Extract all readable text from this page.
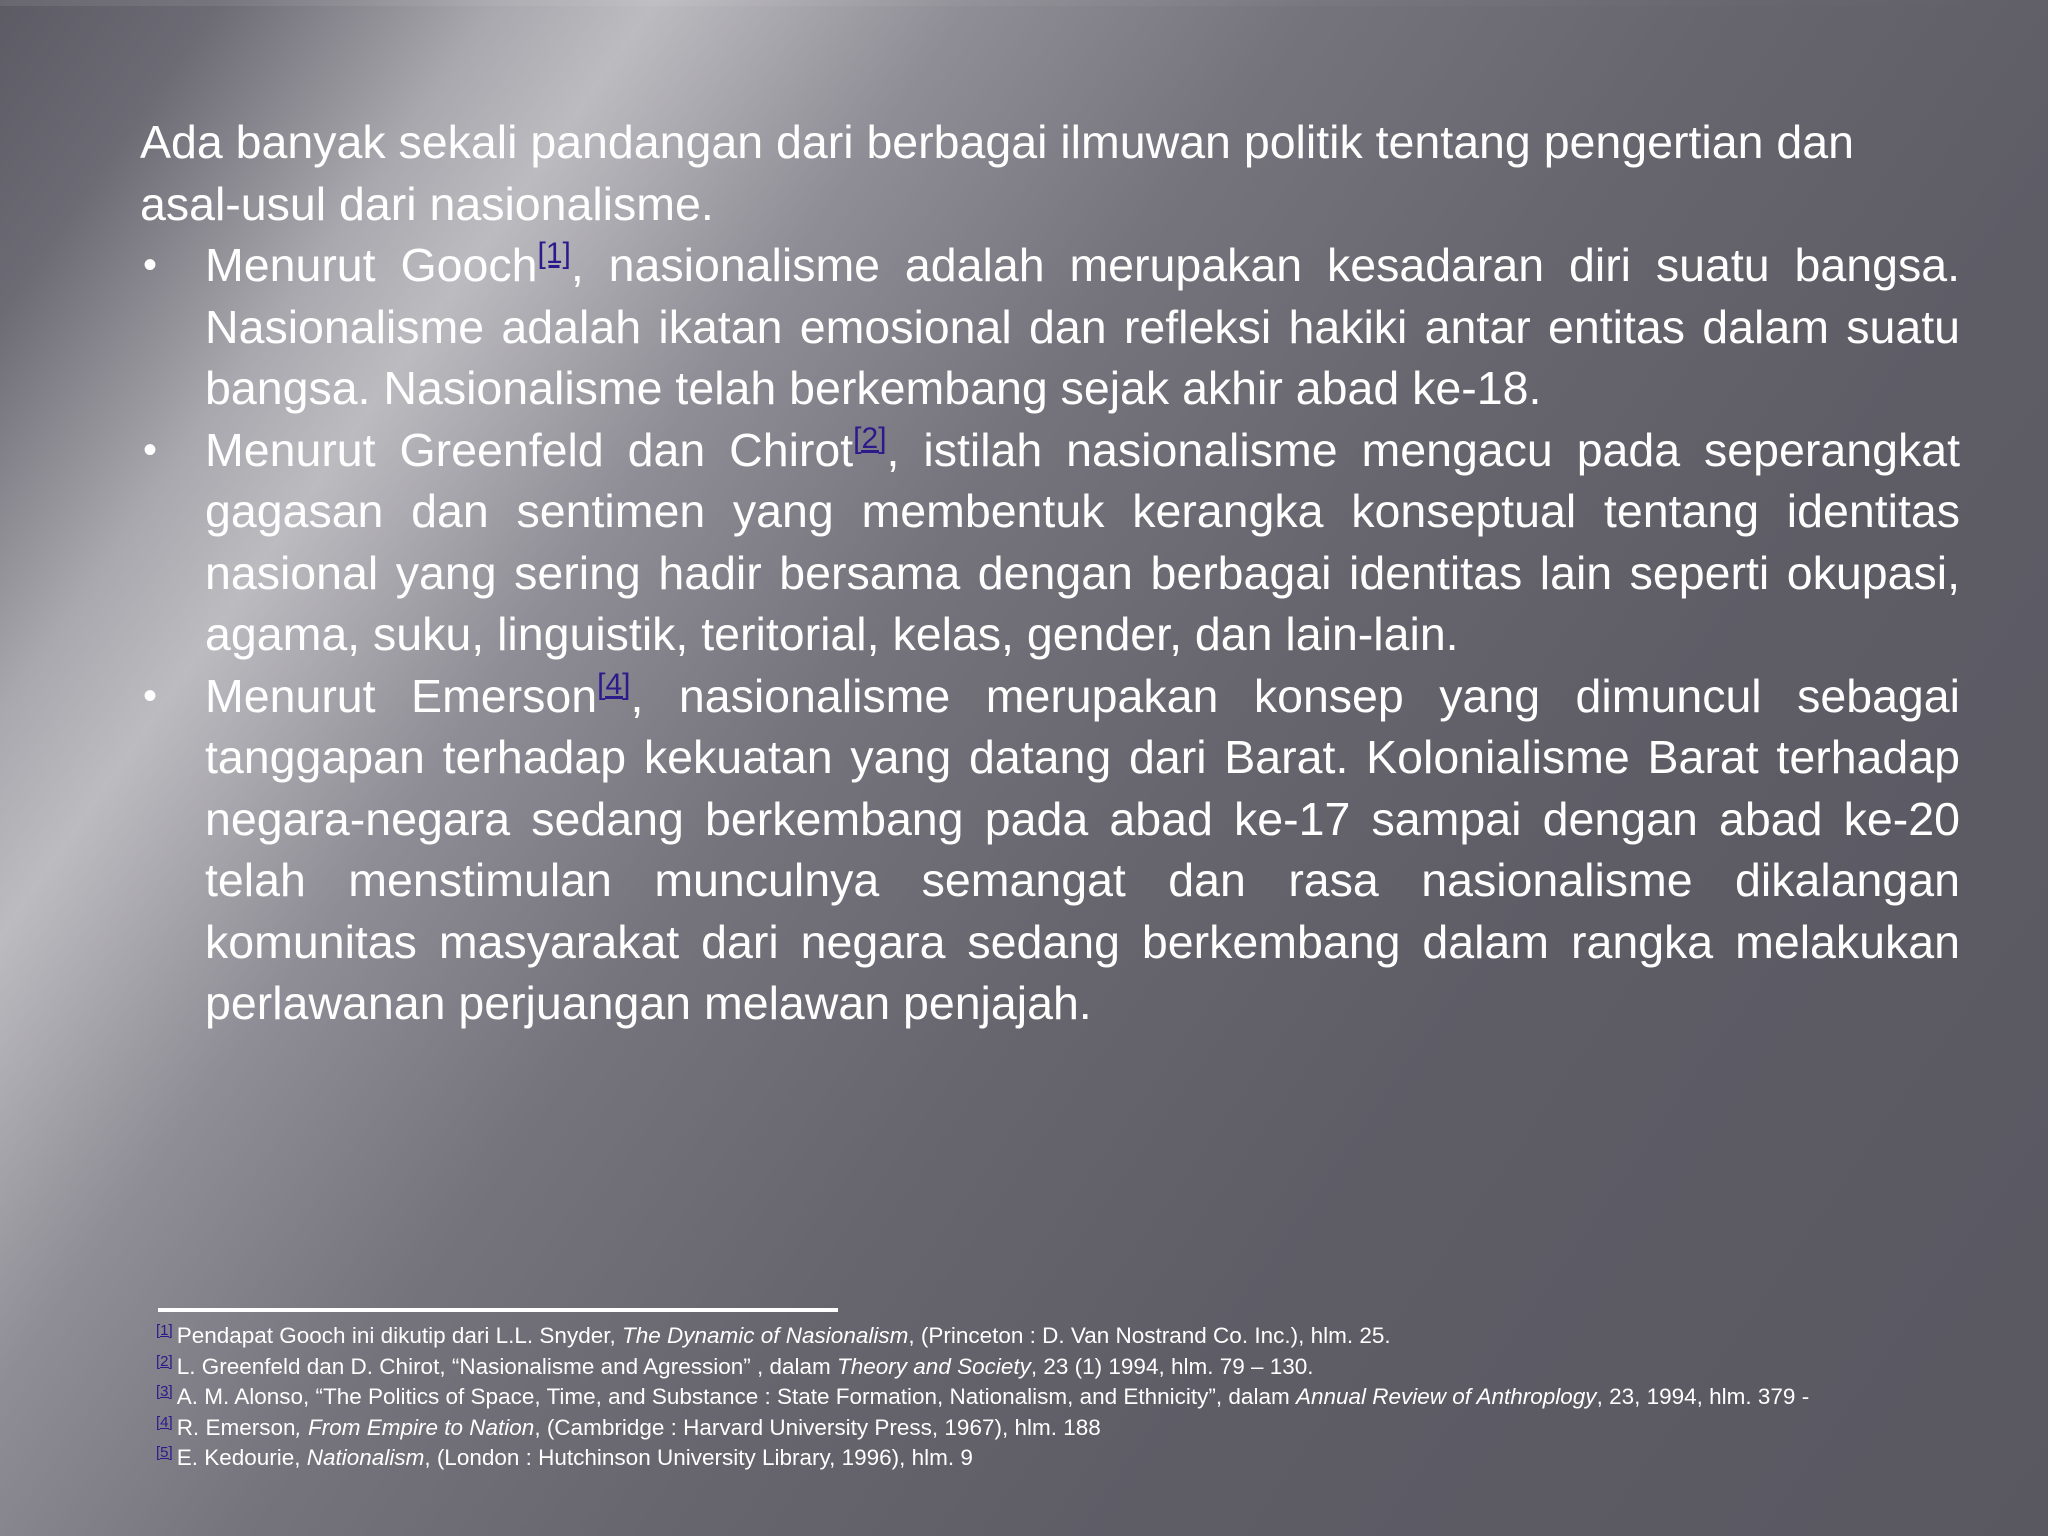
Ada banyak sekali pandangan dari berbagai ilmuwan politik tentang pengertian dan asal-usul dari nasionalisme.

• Menurut Gooch[1], nasionalisme adalah merupakan kesadaran diri suatu bangsa. Nasionalisme adalah ikatan emosional dan refleksi hakiki antar entitas dalam suatu bangsa. Nasionalisme telah berkembang sejak akhir abad ke-18.
• Menurut Greenfeld dan Chirot[2], istilah nasionalisme mengacu pada seperangkat gagasan dan sentimen yang membentuk kerangka konseptual tentang identitas nasional yang sering hadir bersama dengan berbagai identitas lain seperti okupasi, agama, suku, linguistik, teritorial, kelas, gender, dan lain-lain.
• Menurut Emerson[4], nasionalisme merupakan konsep yang dimuncul sebagai tanggapan terhadap kekuatan yang datang dari Barat. Kolonialisme Barat terhadap negara-negara sedang berkembang pada abad ke-17 sampai dengan abad ke-20 telah menstimulan munculnya semangat dan rasa nasionalisme dikalangan komunitas masyarakat dari negara sedang berkembang dalam rangka melakukan perlawanan perjuangan melawan penjajah.

[1] Pendapat Gooch ini dikutip dari L.L. Snyder, The Dynamic of Nasionalism, (Princeton : D. Van Nostrand Co. Inc.), hlm. 25.

[2] L. Greenfeld dan D. Chirot, “Nasionalisme and Agression” , dalam Theory and Society, 23 (1) 1994, hlm. 79 – 130.

[3] A. M. Alonso, “The Politics of Space, Time, and Substance : State Formation, Nationalism, and Ethnicity”, dalam Annual Review of Anthroplogy, 23, 1994, hlm. 379 -

[4] R. Emerson, From Empire to Nation, (Cambridge : Harvard University Press, 1967), hlm. 188

[5] E. Kedourie, Nationalism, (London : Hutchinson University Library, 1996), hlm. 9
